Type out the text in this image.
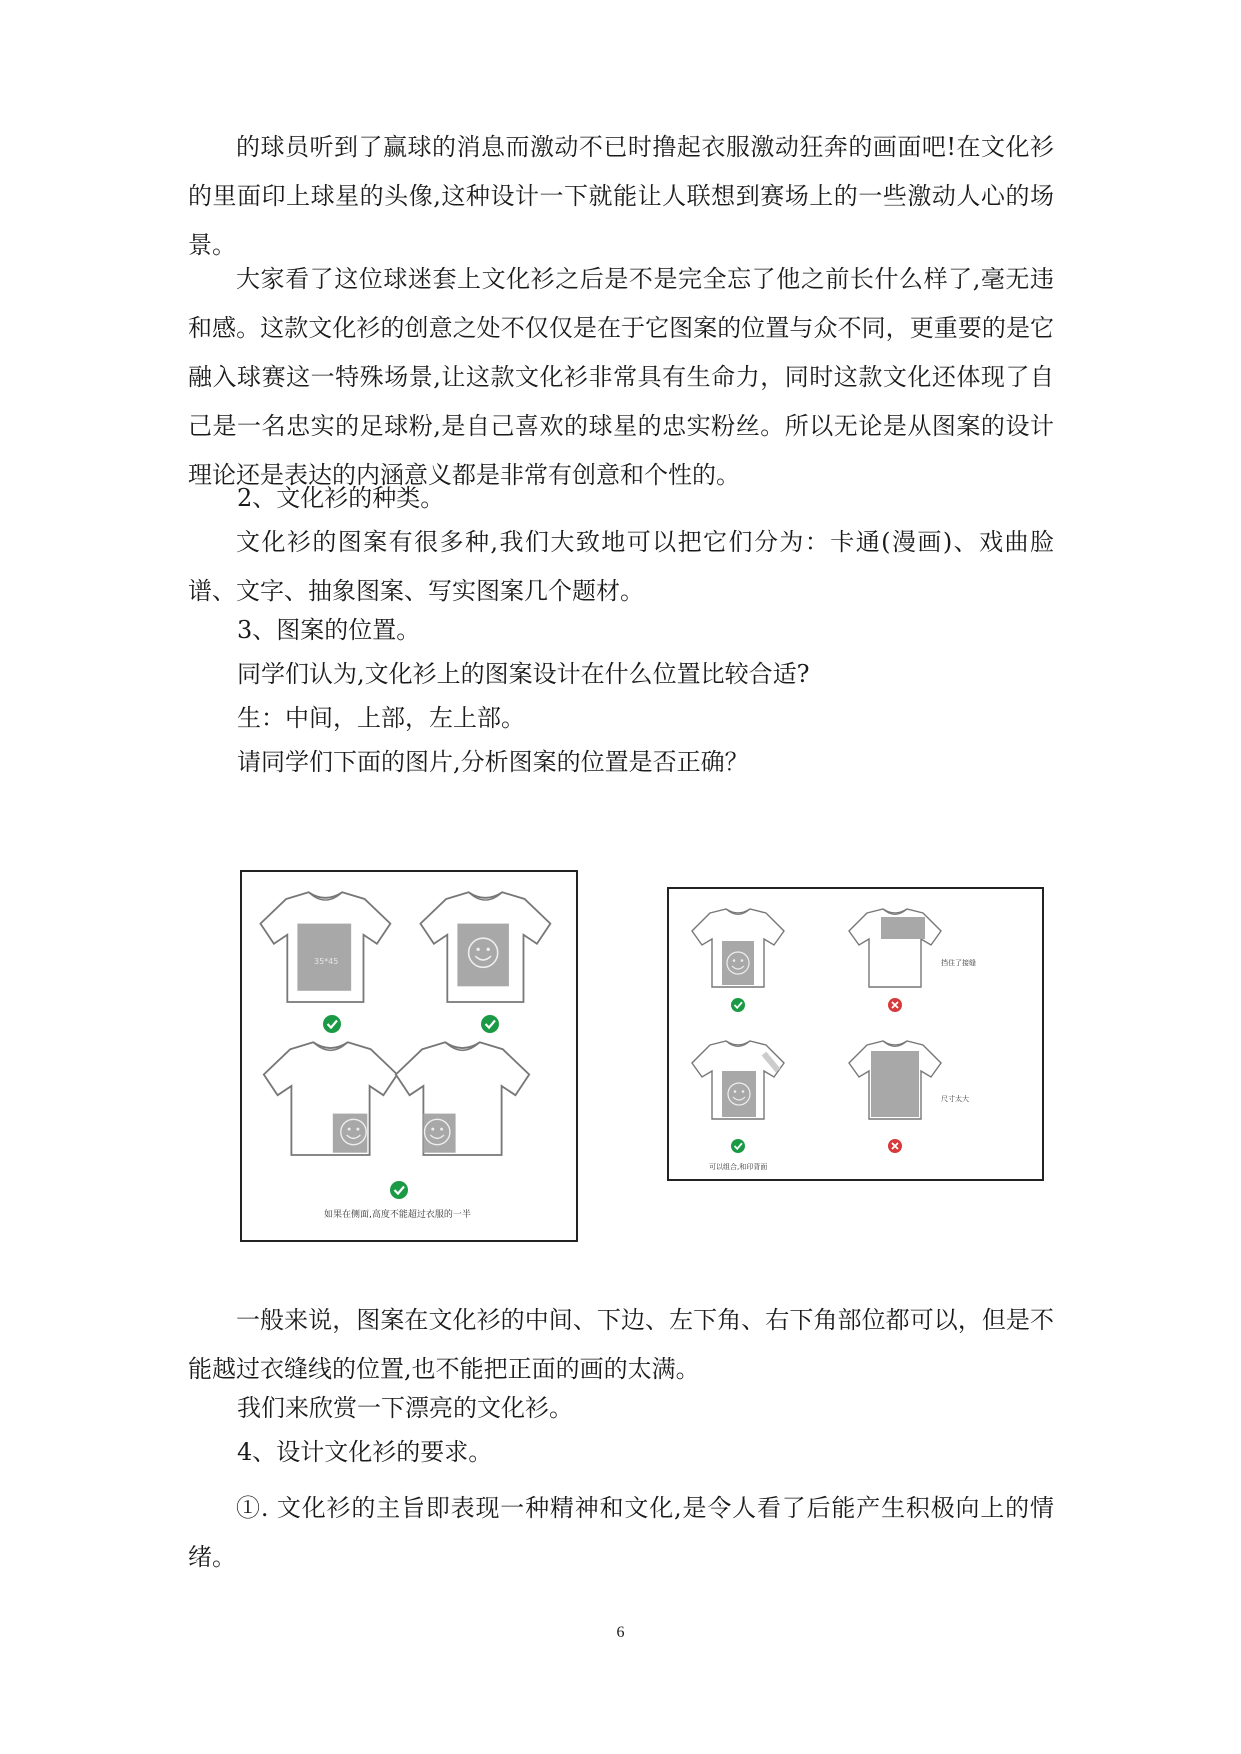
的球员听到了赢球的消息而激动不已时撸起衣服激动狂奔的画面吧!在文化衫的里面印上球星的头像,这种设计一下就能让人联想到赛场上的一些激动人心的场景。

大家看了这位球迷套上文化衫之后是不是完全忘了他之前长什么样了,毫无违和感。这款文化衫的创意之处不仅仅是在于它图案的位置与众不同，更重要的是它融入球赛这一特殊场景,让这款文化衫非常具有生命力，同时这款文化还体现了自己是一名忠实的足球粉,是自己喜欢的球星的忠实粉丝。所以无论是从图案的设计理论还是表达的内涵意义都是非常有创意和个性的。

2、文化衫的种类。

文化衫的图案有很多种,我们大致地可以把它们分为：卡通(漫画)、戏曲脸谱、文字、抽象图案、写实图案几个题材。

3、图案的位置。

同学们认为,文化衫上的图案设计在什么位置比较合适?

生：中间，上部，左上部。

请同学们下面的图片,分析图案的位置是否正确？

35*45
如果在侧面,高度不能超过衣服的一半
挡住了接缝
可以组合,和印背面
尺寸太大

一般来说，图案在文化衫的中间、下边、左下角、右下角部位都可以，但是不能越过衣缝线的位置,也不能把正面的画的太满。

我们来欣赏一下漂亮的文化衫。

4、设计文化衫的要求。

①. 文化衫的主旨即表现一种精神和文化,是令人看了后能产生积极向上的情绪。

6
